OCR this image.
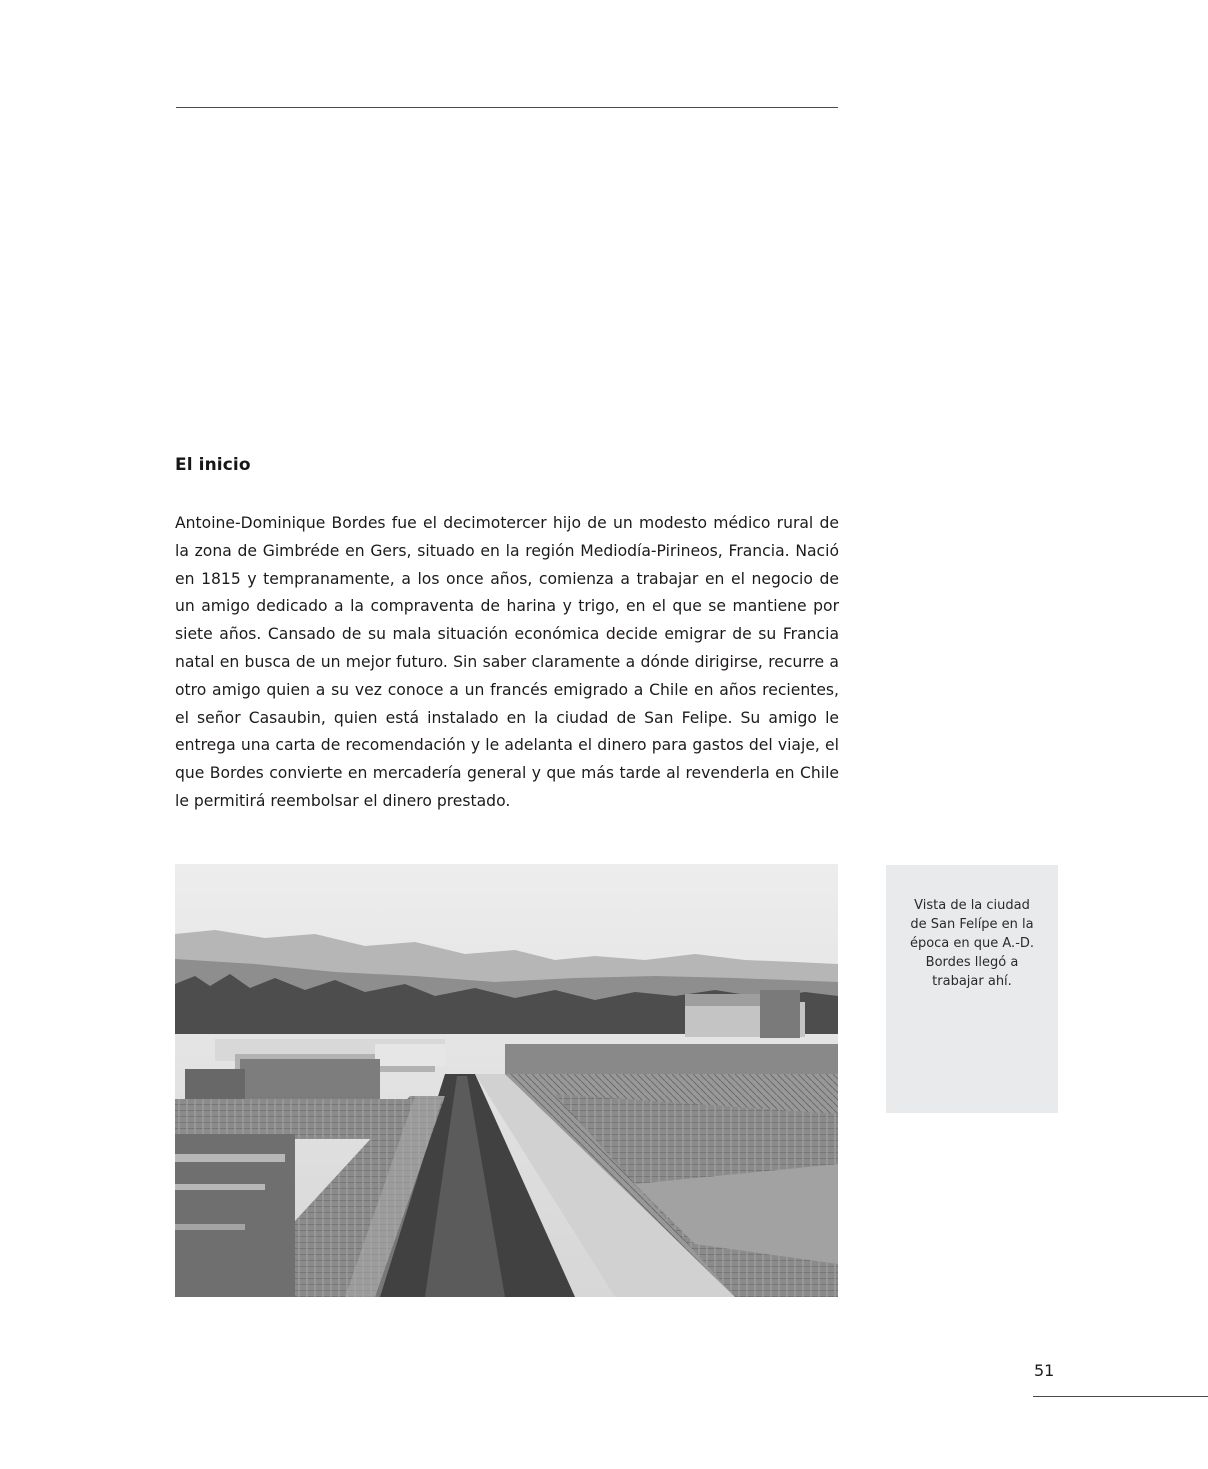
El inicio

Antoine-Dominique Bordes fue el decimotercer hijo de un modesto médico rural de la zona de Gimbréde en Gers, situado en la región Mediodía-Pirineos, Francia. Nació en 1815 y tempranamente, a los once años, comienza a trabajar en el negocio de un amigo dedicado a la compraventa de harina y trigo, en el que se mantiene por siete años. Cansado de su mala situación económica decide emigrar de su Francia natal en busca de un mejor futuro. Sin saber claramente a dónde dirigirse, recurre a otro amigo quien a su vez conoce a un francés emigrado a Chile en años recientes, el señor Casaubin, quien está instalado en la ciudad de San Felipe. Su amigo le entrega una carta de recomendación y le adelanta el dinero para gastos del viaje, el que Bordes convierte en mercadería general y que más tarde al revenderla en Chile le permitirá reembolsar el dinero prestado.

Vista de la ciudad de San Felípe en la época en que A.-D. Bordes llegó a trabajar ahí.

51
